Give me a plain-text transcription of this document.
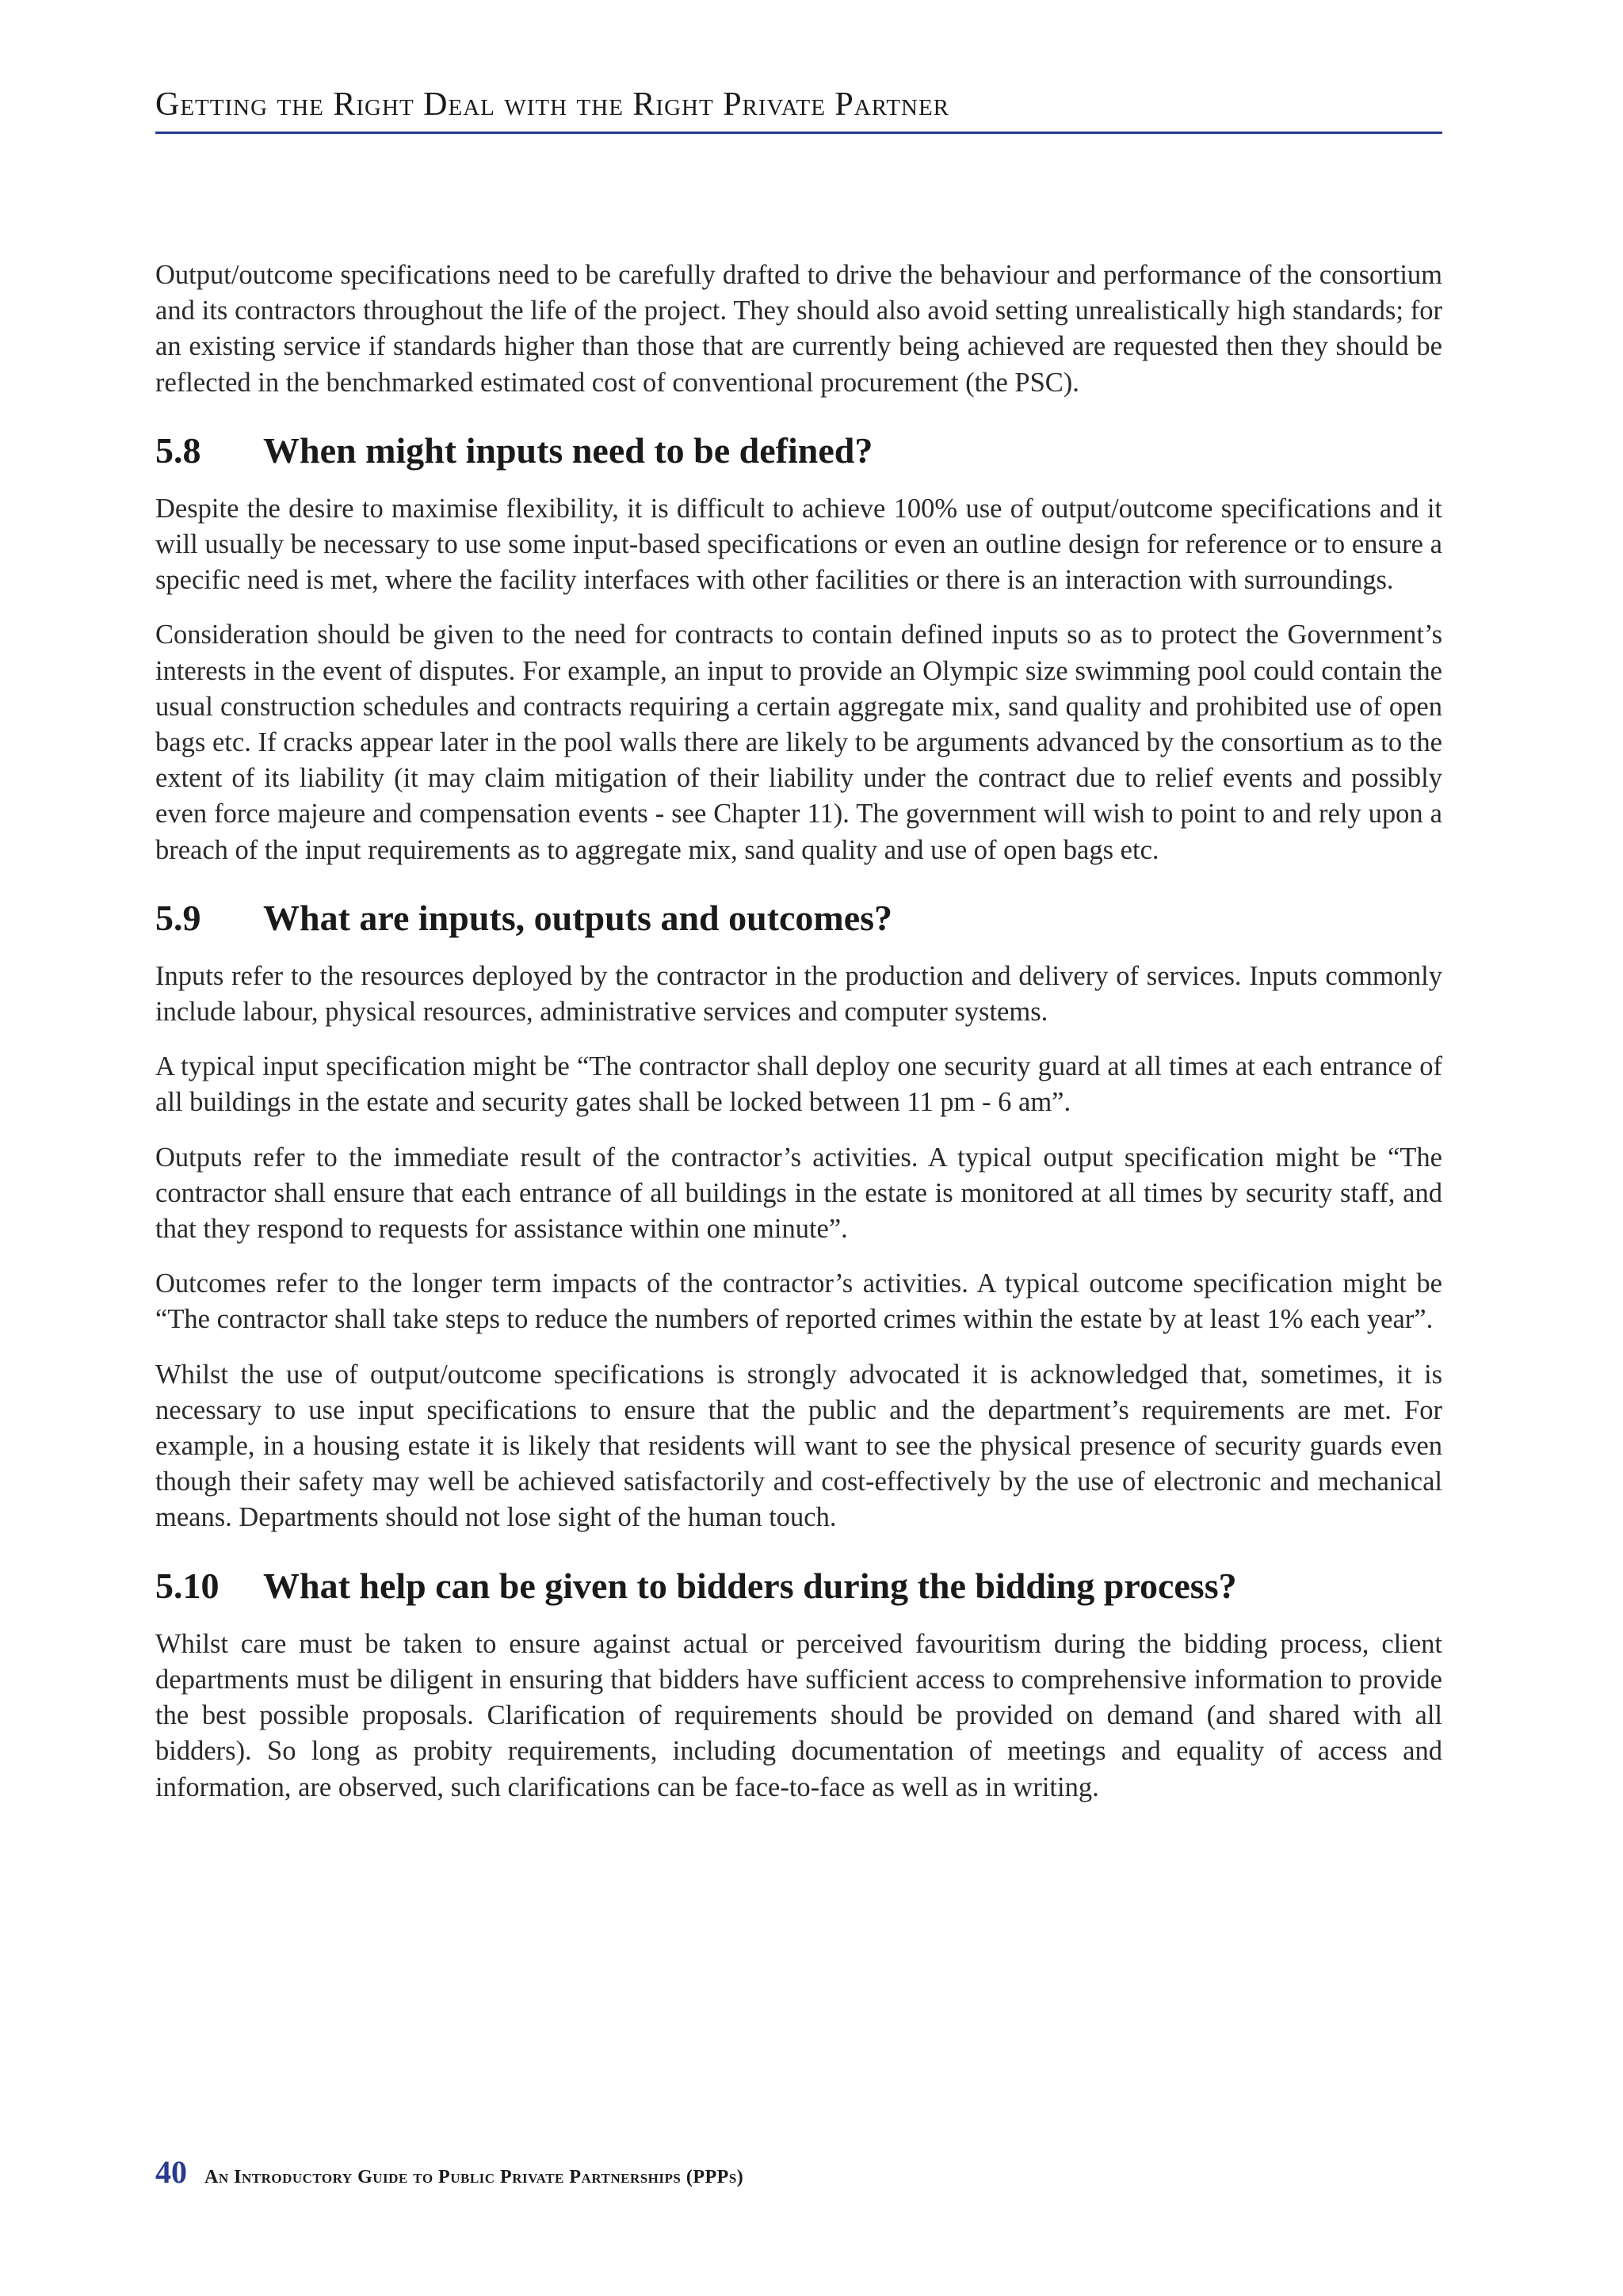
Getting the Right Deal with the Right Private Partner

Output/outcome specifications need to be carefully drafted to drive the behaviour and performance of the consortium and its contractors throughout the life of the project. They should also avoid setting unrealistically high standards; for an existing service if standards higher than those that are currently being achieved are requested then they should be reflected in the benchmarked estimated cost of conventional procurement (the PSC).

5.8	When might inputs need to be defined?

Despite the desire to maximise flexibility, it is difficult to achieve 100% use of output/outcome specifications and it will usually be necessary to use some input-based specifications or even an outline design for reference or to ensure a specific need is met, where the facility interfaces with other facilities or there is an interaction with surroundings.

Consideration should be given to the need for contracts to contain defined inputs so as to protect the Government’s interests in the event of disputes. For example, an input to provide an Olympic size swimming pool could contain the usual construction schedules and contracts requiring a certain aggregate mix, sand quality and prohibited use of open bags etc. If cracks appear later in the pool walls there are likely to be arguments advanced by the consortium as to the extent of its liability (it may claim mitigation of their liability under the contract due to relief events and possibly even force majeure and compensation events - see Chapter 11). The government will wish to point to and rely upon a breach of the input requirements as to aggregate mix, sand quality and use of open bags etc.

5.9	What are inputs, outputs and outcomes?

Inputs refer to the resources deployed by the contractor in the production and delivery of services. Inputs commonly include labour, physical resources, administrative services and computer systems.

A typical input specification might be “The contractor shall deploy one security guard at all times at each entrance of all buildings in the estate and security gates shall be locked between 11 pm - 6 am”.

Outputs refer to the immediate result of the contractor’s activities. A typical output specification might be “The contractor shall ensure that each entrance of all buildings in the estate is monitored at all times by security staff, and that they respond to requests for assistance within one minute”.

Outcomes refer to the longer term impacts of the contractor’s activities. A typical outcome specification might be “The contractor shall take steps to reduce the numbers of reported crimes within the estate by at least 1% each year”.

Whilst the use of output/outcome specifications is strongly advocated it is acknowledged that, sometimes, it is necessary to use input specifications to ensure that the public and the department’s requirements are met. For example, in a housing estate it is likely that residents will want to see the physical presence of security guards even though their safety may well be achieved satisfactorily and cost-effectively by the use of electronic and mechanical means. Departments should not lose sight of the human touch.

5.10	What help can be given to bidders during the bidding process?

Whilst care must be taken to ensure against actual or perceived favouritism during the bidding process, client departments must be diligent in ensuring that bidders have sufficient access to comprehensive information to provide the best possible proposals. Clarification of requirements should be provided on demand (and shared with all bidders). So long as probity requirements, including documentation of meetings and equality of access and information, are observed, such clarifications can be face-to-face as well as in writing.

40 An Introductory Guide to Public Private Partnerships (PPPs)
